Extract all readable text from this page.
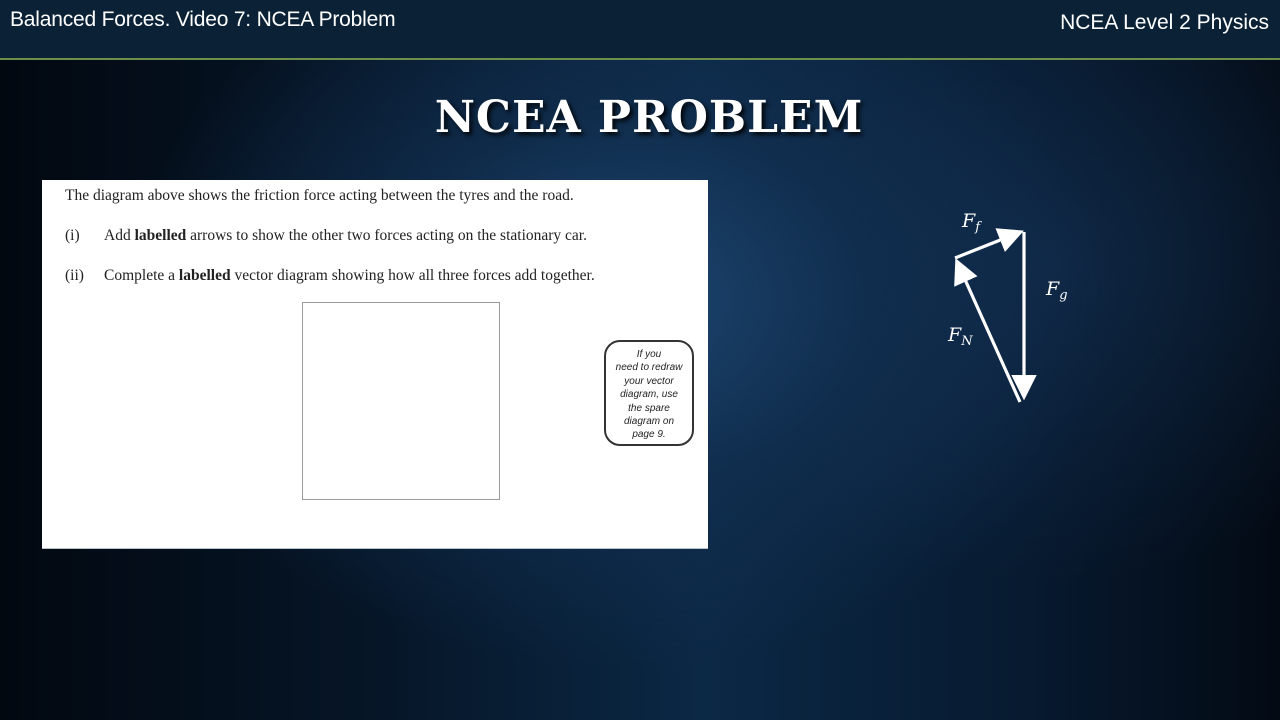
Balanced Forces. Video 7: NCEA Problem	NCEA Level 2 Physics
NCEA PROBLEM
The diagram above shows the friction force acting between the tyres and the road.
(i) Add labelled arrows to show the other two forces acting on the stationary car.
(ii) Complete a labelled vector diagram showing how all three forces add together.
If you
need to redraw
your vector
diagram, use
the spare
diagram on
page 9.
$F_f$
$F_g$
$F_N$
